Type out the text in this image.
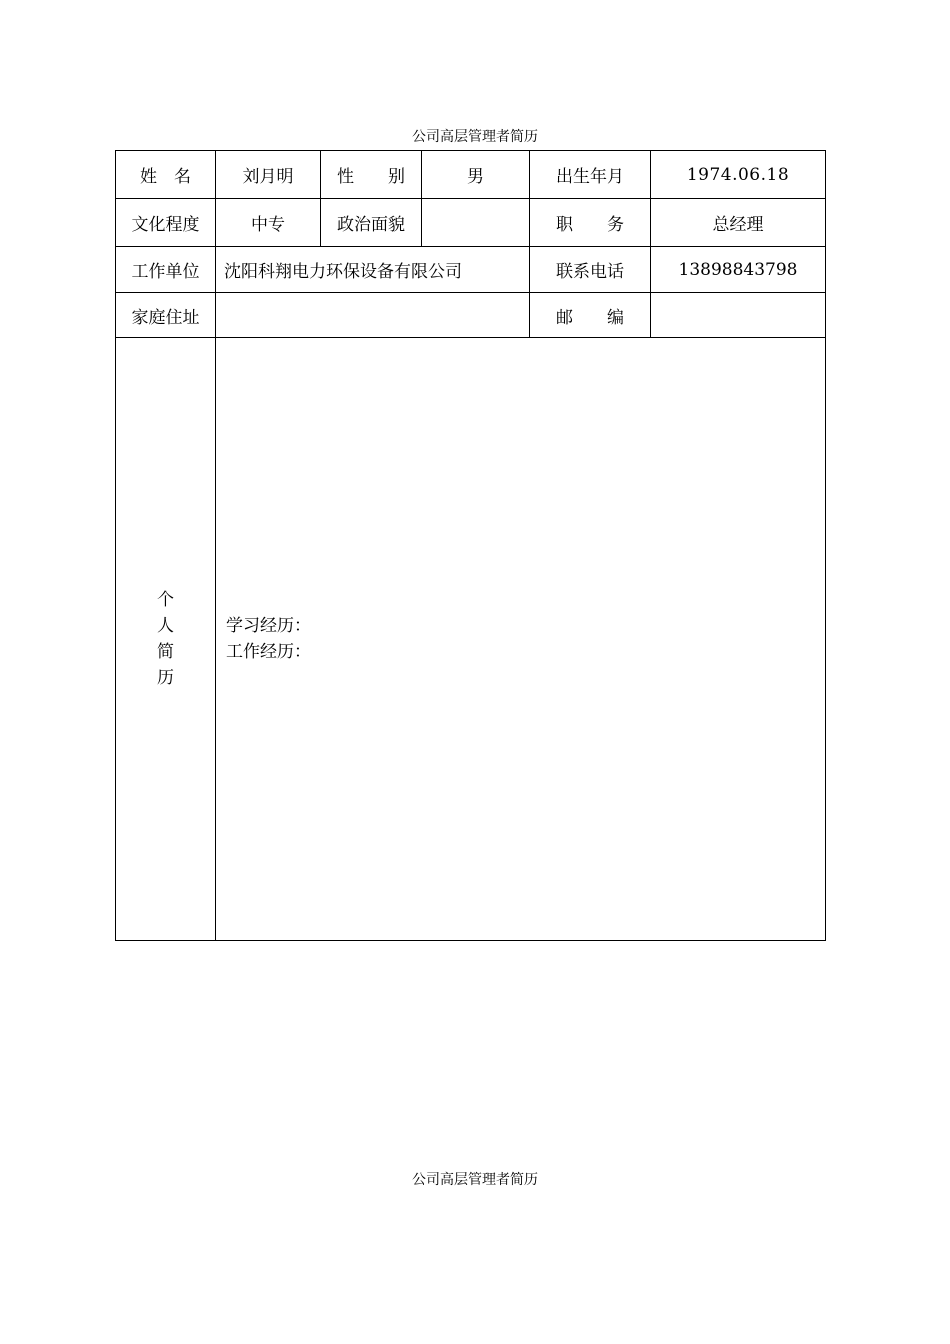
公司高层管理者简历
姓　名	刘月明	性　　别	男	出生年月	1974.06.18
文化程度	中专	政治面貌		职　　务	总经理
工作单位	沈阳科翔电力环保设备有限公司			联系电话	13898843798
家庭住址				邮　　编	
个人简历	学习经历：
工作经历：				
公司高层管理者简历
